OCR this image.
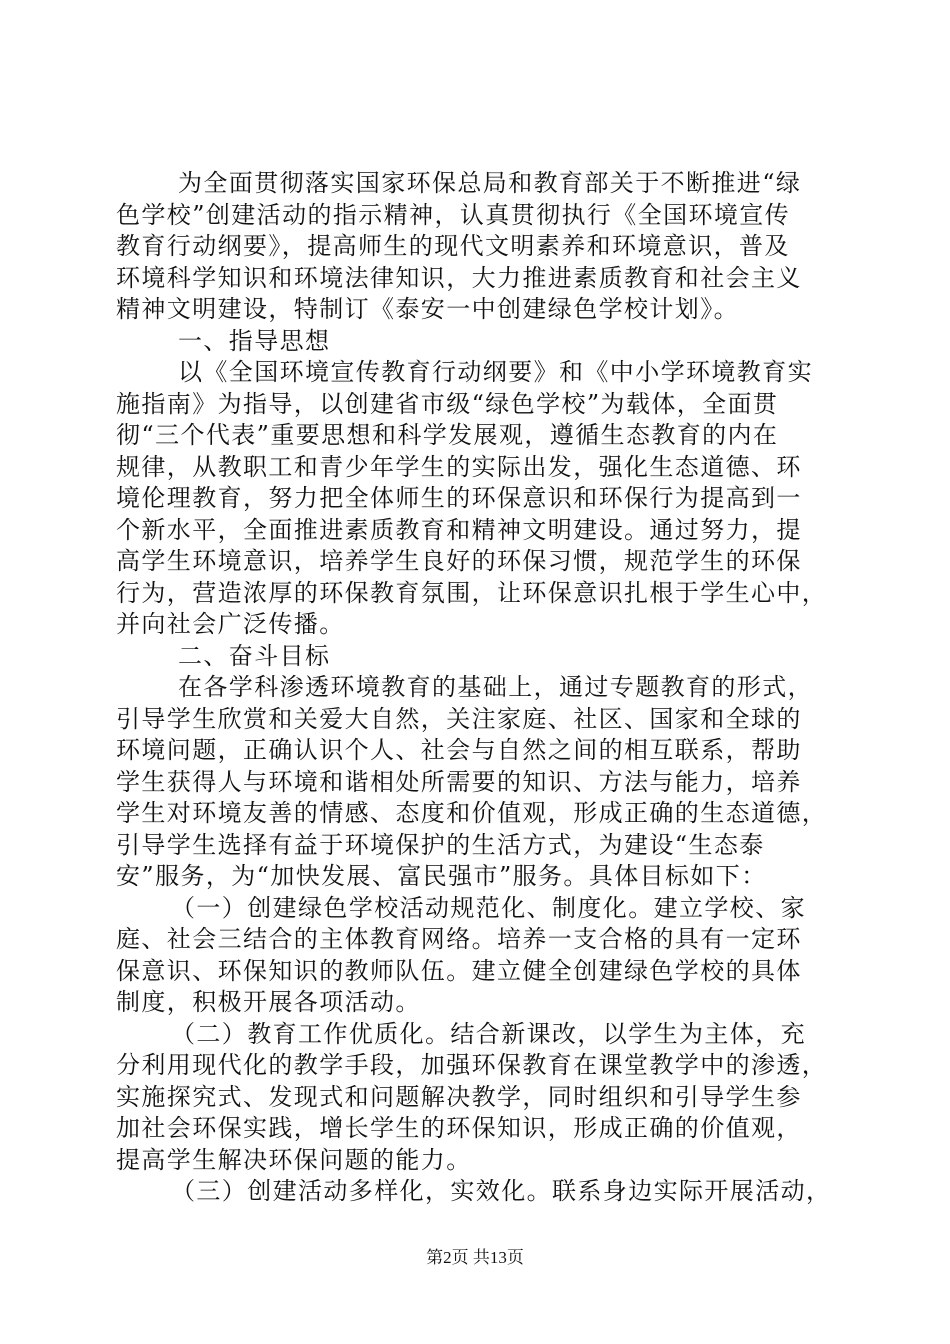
为全面贯彻落实国家环保总局和教育部关于不断推进“绿
色学校”创建活动的指示精神，认真贯彻执行《全国环境宣传
教育行动纲要》，提高师生的现代文明素养和环境意识，普及
环境科学知识和环境法律知识，大力推进素质教育和社会主义
精神文明建设，特制订《泰安一中创建绿色学校计划》。
一、指导思想
以《全国环境宣传教育行动纲要》和《中小学环境教育实
施指南》为指导，以创建省市级“绿色学校”为载体，全面贯
彻“三个代表”重要思想和科学发展观，遵循生态教育的内在
规律，从教职工和青少年学生的实际出发，强化生态道德、环
境伦理教育，努力把全体师生的环保意识和环保行为提高到一
个新水平，全面推进素质教育和精神文明建设。通过努力，提
高学生环境意识，培养学生良好的环保习惯，规范学生的环保
行为，营造浓厚的环保教育氛围，让环保意识扎根于学生心中，
并向社会广泛传播。
二、奋斗目标
在各学科渗透环境教育的基础上，通过专题教育的形式，
引导学生欣赏和关爱大自然，关注家庭、社区、国家和全球的
环境问题，正确认识个人、社会与自然之间的相互联系，帮助
学生获得人与环境和谐相处所需要的知识、方法与能力，培养
学生对环境友善的情感、态度和价值观，形成正确的生态道德，
引导学生选择有益于环境保护的生活方式，为建设“生态泰
安”服务，为“加快发展、富民强市”服务。具体目标如下：
（一）创建绿色学校活动规范化、制度化。建立学校、家
庭、社会三结合的主体教育网络。培养一支合格的具有一定环
保意识、环保知识的教师队伍。建立健全创建绿色学校的具体
制度，积极开展各项活动。
（二）教育工作优质化。结合新课改，以学生为主体，充
分利用现代化的教学手段，加强环保教育在课堂教学中的渗透，
实施探究式、发现式和问题解决教学，同时组织和引导学生参
加社会环保实践，增长学生的环保知识，形成正确的价值观，
提高学生解决环保问题的能力。
（三）创建活动多样化，实效化。联系身边实际开展活动，
第2页 共13页
